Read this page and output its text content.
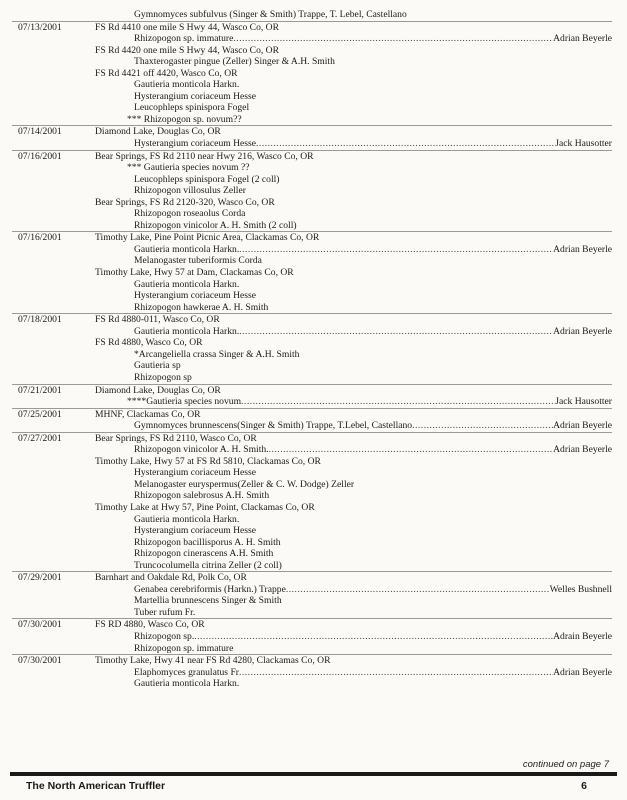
Gymnomyces subfulvus (Singer & Smith) Trappe, T. Lebel, Castellano
07/13/2001	FS Rd 4410 one mile S Hwy 44, Wasco Co, OR
Rhizopogon sp. immature .....	Adrian Beyerle
FS Rd 4420 one mile S Hwy 44, Wasco Co, OR
Thaxterogaster pingue (Zeller) Singer & A.H. Smith
FS Rd 4421 off 4420, Wasco Co, OR
Gautieria monticola Harkn.
Hysterangium coriaceum Hesse
Leucophleps spinispora Fogel
*** Rhizopogon sp. novum??
07/14/2001	Diamond Lake, Douglas Co, OR
Hysterangium coriaceum Hesse .....	Jack Hausotter
07/16/2001	Bear Springs, FS Rd 2110 near Hwy 216, Wasco Co, OR
*** Gautieria species novum ??
Leucophleps spinispora Fogel (2 coll)
Rhizopogon villosulus Zeller
Bear Springs, FS Rd 2120-320, Wasco Co, OR
Rhizopogon roseaolus Corda
Rhizopogon vinicolor A. H. Smith (2 coll)
07/16/2001	Timothy Lake, Pine Point Picnic Area, Clackamas Co, OR
Gautieria monticola Harkn. .....	Adrian Beyerle
Melanogaster tuberiformis Corda
Timothy Lake, Hwy 57 at Dam, Clackamas Co, OR
Gautieria monticola Harkn.
Hysterangium coriaceum Hesse
Rhizopogon hawkerae A. H. Smith
07/18/2001	FS Rd 4880-011, Wasco Co, OR
Gautieria monticola Harkn. .....	Adrian Beyerle
FS Rd 4880, Wasco Co, OR
*Arcangeliella crassa Singer & A.H. Smith
Gautieria sp
Rhizopogon sp
07/21/2001	Diamond Lake, Douglas Co, OR
****Gautieria species novum .....	Jack Hausotter
07/25/2001	MHNF, Clackamas Co, OR
Gymnomyces brunnescens(Singer & Smith) Trappe, T.Lebel, Castellano .....	Adrian Beyerle
07/27/2001	Bear Springs, FS Rd 2110, Wasco Co, OR
Rhizopogon vinicolor A. H. Smith. .....	Adrian Beyerle
Timothy Lake, Hwy 57 at FS Rd 5810, Clackamas Co, OR
Hysterangium coriaceum Hesse
Melanogaster euryspermus(Zeller & C. W. Dodge) Zeller
Rhizopogon salebrosus A.H. Smith
Timothy Lake at Hwy 57, Pine Point, Clackamas Co, OR
Gautieria monticola Harkn.
Hysterangium coriaceum Hesse
Rhizopogon bacillisporus A. H. Smith
Rhizopogon cinerascens A.H. Smith
Truncocolumella citrina Zeller (2 coll)
07/29/2001	Barnhart and Oakdale Rd, Polk Co, OR
Genabea cerebriformis (Harkn.) Trappe .....	Welles Bushnell
Martellia brunnescens Singer & Smith
Tuber rufum Fr.
07/30/2001	FS RD 4880, Wasco Co, OR
Rhizopogon sp. .....	Adrain Beyerle
Rhizopogon sp. immature
07/30/2001	Timothy Lake, Hwy 41 near FS Rd 4280, Clackamas Co, OR
Elaphomyces granulatus Fr .....	Adrian Beyerle
Gautieria monticola Harkn.
continued on page 7
The North American Truffler	6
